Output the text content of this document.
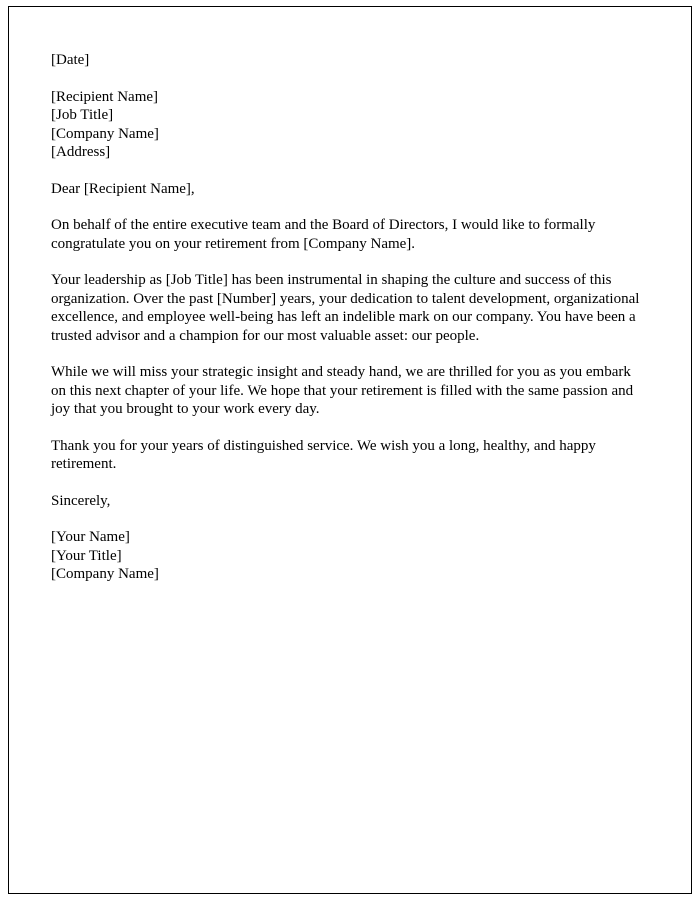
[Date]
[Recipient Name]
[Job Title]
[Company Name]
[Address]
Dear [Recipient Name],
On behalf of the entire executive team and the Board of Directors, I would like to formally congratulate you on your retirement from [Company Name].
Your leadership as [Job Title] has been instrumental in shaping the culture and success of this organization. Over the past [Number] years, your dedication to talent development, organizational excellence, and employee well-being has left an indelible mark on our company. You have been a trusted advisor and a champion for our most valuable asset: our people.
While we will miss your strategic insight and steady hand, we are thrilled for you as you embark on this next chapter of your life. We hope that your retirement is filled with the same passion and joy that you brought to your work every day.
Thank you for your years of distinguished service. We wish you a long, healthy, and happy retirement.
Sincerely,
[Your Name]
[Your Title]
[Company Name]
